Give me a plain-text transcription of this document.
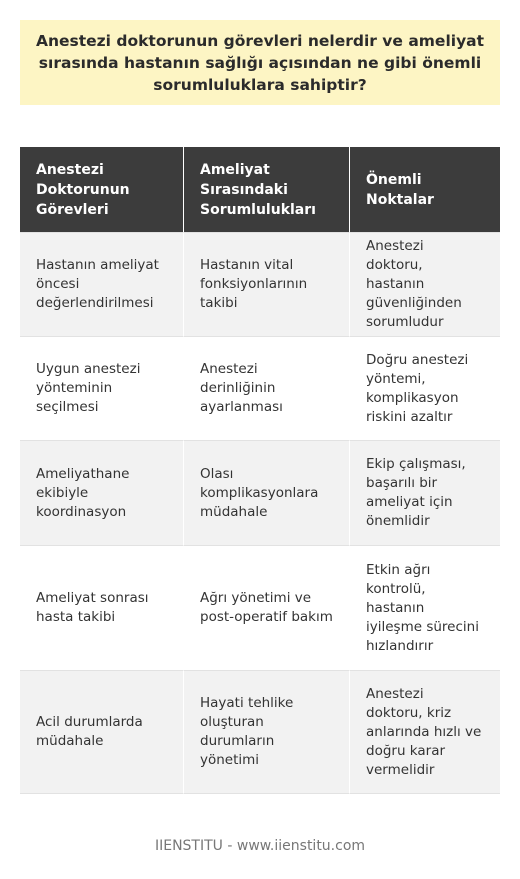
Anestezi doktorunun görevleri nelerdir ve ameliyat sırasında hastanın sağlığı açısından ne gibi önemli sorumluluklara sahiptir?
Anestezi Doktorunun Görevleri	Ameliyat Sırasındaki Sorumlulukları	Önemli Noktalar
Hastanın ameliyat öncesi değerlendirilmesi	Hastanın vital fonksiyonlarının takibi	Anestezi doktoru, hastanın güvenliğinden sorumludur
Uygun anestezi yönteminin seçilmesi	Anestezi derinliğinin ayarlanması	Doğru anestezi yöntemi, komplikasyon riskini azaltır
Ameliyathane ekibiyle koordinasyon	Olası komplikasyonlara müdahale	Ekip çalışması, başarılı bir ameliyat için önemlidir
Ameliyat sonrası hasta takibi	Ağrı yönetimi ve post-operatif bakım	Etkin ağrı kontrolü, hastanın iyileşme sürecini hızlandırır
Acil durumlarda müdahale	Hayati tehlike oluşturan durumların yönetimi	Anestezi doktoru, kriz anlarında hızlı ve doğru karar vermelidir
IIENSTITU - www.iienstitu.com
